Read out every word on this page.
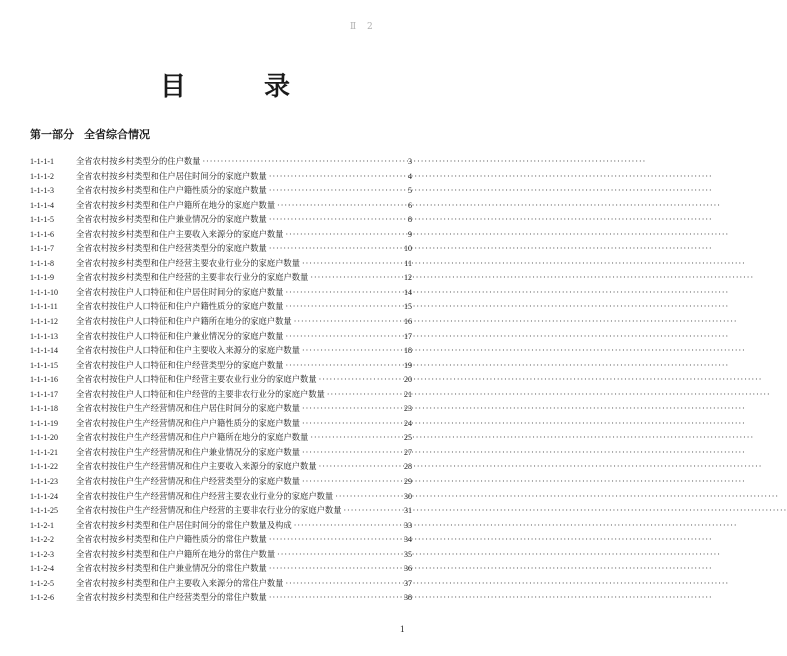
Ⅱ 2
目　录
第一部分 全省综合情况
1-1-1-1	全省农村按乡村类型分的住户数量 ·····	3
1-1-1-2	全省农村按乡村类型和住户居住时间分的家庭户数量 ·····	4
1-1-1-3	全省农村按乡村类型和住户户籍性质分的家庭户数量 ·····	5
1-1-1-4	全省农村按乡村类型和住户户籍所在地分的家庭户数量 ·····	6
1-1-1-5	全省农村按乡村类型和住户兼业情况分的家庭户数量 ·····	8
1-1-1-6	全省农村按乡村类型和住户主要收入来源分的家庭户数量 ·····	9
1-1-1-7	全省农村按乡村类型和住户经营类型分的家庭户数量 ·····	10
1-1-1-8	全省农村按乡村类型和住户经营主要农业行业分的家庭户数量 ·····	11
1-1-1-9	全省农村按乡村类型和住户经营的主要非农行业分的家庭户数量 ·····	12
1-1-1-10	全省农村按住户人口特征和住户居住时间分的家庭户数量 ·····	14
1-1-1-11	全省农村按住户人口特征和住户户籍性质分的家庭户数量 ·····	15
1-1-1-12	全省农村按住户人口特征和住户户籍所在地分的家庭户数量 ·····	16
1-1-1-13	全省农村按住户人口特征和住户兼业情况分的家庭户数量 ·····	17
1-1-1-14	全省农村按住户人口特征和住户主要收入来源分的家庭户数量 ·····	18
1-1-1-15	全省农村按住户人口特征和住户经营类型分的家庭户数量 ·····	19
1-1-1-16	全省农村按住户人口特征和住户经营主要农业行业分的家庭户数量 ·····	20
1-1-1-17	全省农村按住户人口特征和住户经营的主要非农行业分的家庭户数量 ·····	21
1-1-1-18	全省农村按住户生产经营情况和住户居住时间分的家庭户数量 ·····	23
1-1-1-19	全省农村按住户生产经营情况和住户户籍性质分的家庭户数量 ·····	24
1-1-1-20	全省农村按住户生产经营情况和住户户籍所在地分的家庭户数量 ·····	25
1-1-1-21	全省农村按住户生产经营情况和住户兼业情况分的家庭户数量 ·····	27
1-1-1-22	全省农村按住户生产经营情况和住户主要收入来源分的家庭户数量 ·····	28
1-1-1-23	全省农村按住户生产经营情况和住户经营类型分的家庭户数量 ·····	29
1-1-1-24	全省农村按住户生产经营情况和住户经营主要农业行业分的家庭户数量 ·····	30
1-1-1-25	全省农村按住户生产经营情况和住户经营的主要非农行业分的家庭户数量 ·····	31
1-1-2-1	全省农村按乡村类型和住户居住时间分的常住户数量及构成 ·····	33
1-1-2-2	全省农村按乡村类型和住户户籍性质分的常住户数量 ·····	34
1-1-2-3	全省农村按乡村类型和住户户籍所在地分的常住户数量 ·····	35
1-1-2-4	全省农村按乡村类型和住户兼业情况分的常住户数量 ·····	36
1-1-2-5	全省农村按乡村类型和住户主要收入来源分的常住户数量 ·····	37
1-1-2-6	全省农村按乡村类型和住户经营类型分的常住户数量 ·····	38
1
